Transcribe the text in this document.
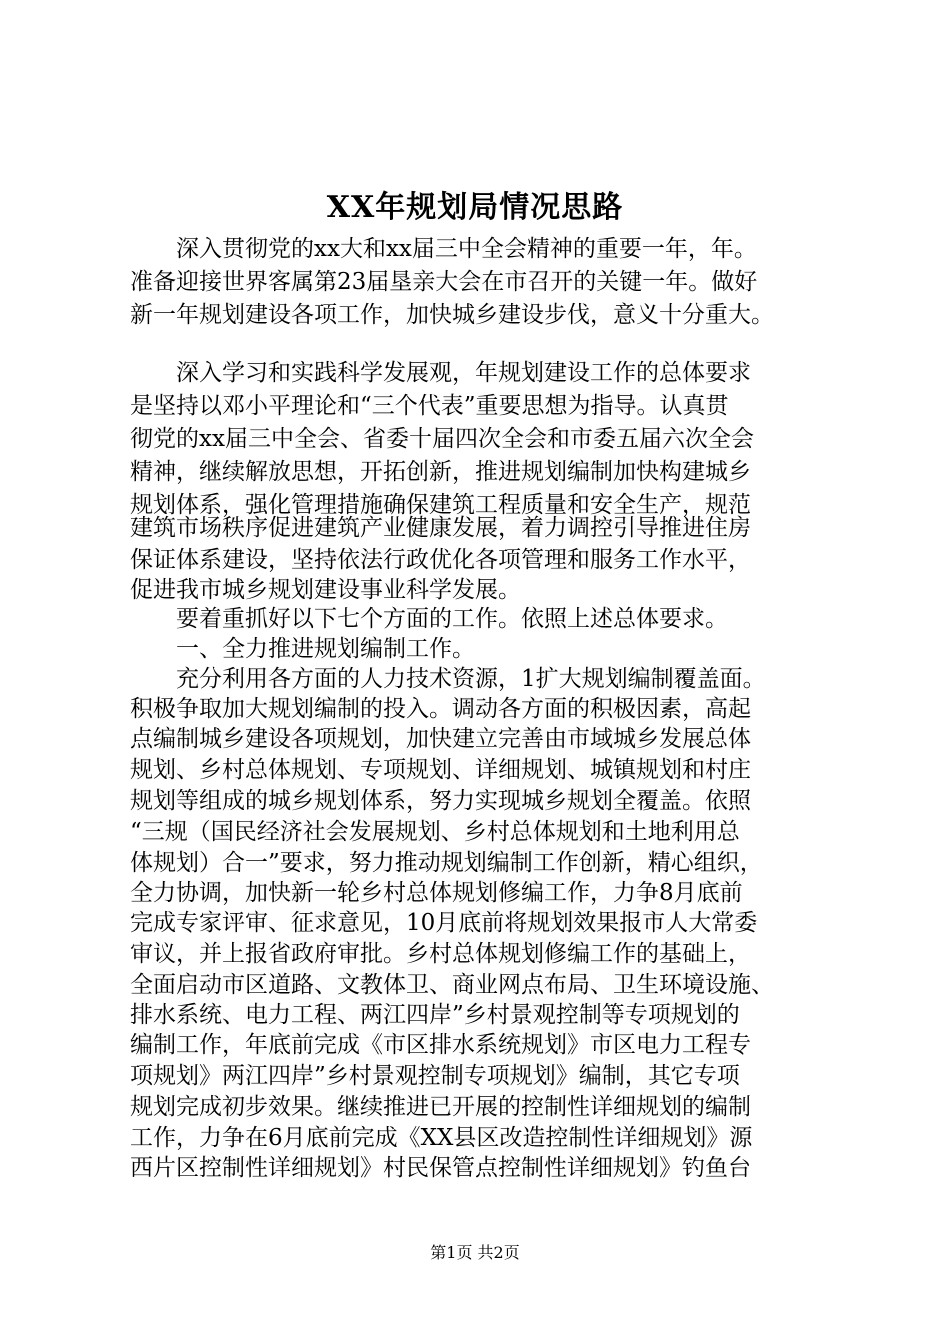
XX年规划局情况思路
　　深入贯彻党的xx大和xx届三中全会精神的重要一年，年。
准备迎接世界客属第23届垦亲大会在市召开的关键一年。做好
新一年规划建设各项工作，加快城乡建设步伐，意义十分重大。
　　深入学习和实践科学发展观，年规划建设工作的总体要求
是坚持以邓小平理论和“三个代表”重要思想为指导。认真贯
彻党的xx届三中全会、省委十届四次全会和市委五届六次全会
精神，继续解放思想，开拓创新，推进规划编制加快构建城乡
规划体系，强化管理措施确保建筑工程质量和安全生产，规范
建筑市场秩序促进建筑产业健康发展，着力调控引导推进住房
保证体系建设，坚持依法行政优化各项管理和服务工作水平，
促进我市城乡规划建设事业科学发展。
　　要着重抓好以下七个方面的工作。依照上述总体要求。
　　一、全力推进规划编制工作。
　　充分利用各方面的人力技术资源，1扩大规划编制覆盖面。
积极争取加大规划编制的投入。调动各方面的积极因素，高起
点编制城乡建设各项规划，加快建立完善由市域城乡发展总体
规划、乡村总体规划、专项规划、详细规划、城镇规划和村庄
规划等组成的城乡规划体系，努力实现城乡规划全覆盖。依照
“三规（国民经济社会发展规划、乡村总体规划和土地利用总
体规划）合一”要求，努力推动规划编制工作创新，精心组织，
全力协调，加快新一轮乡村总体规划修编工作，力争8月底前
完成专家评审、征求意见，10月底前将规划效果报市人大常委
审议，并上报省政府审批。乡村总体规划修编工作的基础上，
全面启动市区道路、文教体卫、商业网点布局、卫生环境设施、
排水系统、电力工程、两江四岸”乡村景观控制等专项规划的
编制工作，年底前完成《市区排水系统规划》市区电力工程专
项规划》两江四岸”乡村景观控制专项规划》编制，其它专项
规划完成初步效果。继续推进已开展的控制性详细规划的编制
工作，力争在6月底前完成《XX县区改造控制性详细规划》源
西片区控制性详细规划》村民保管点控制性详细规划》钓鱼台
第1页 共2页
